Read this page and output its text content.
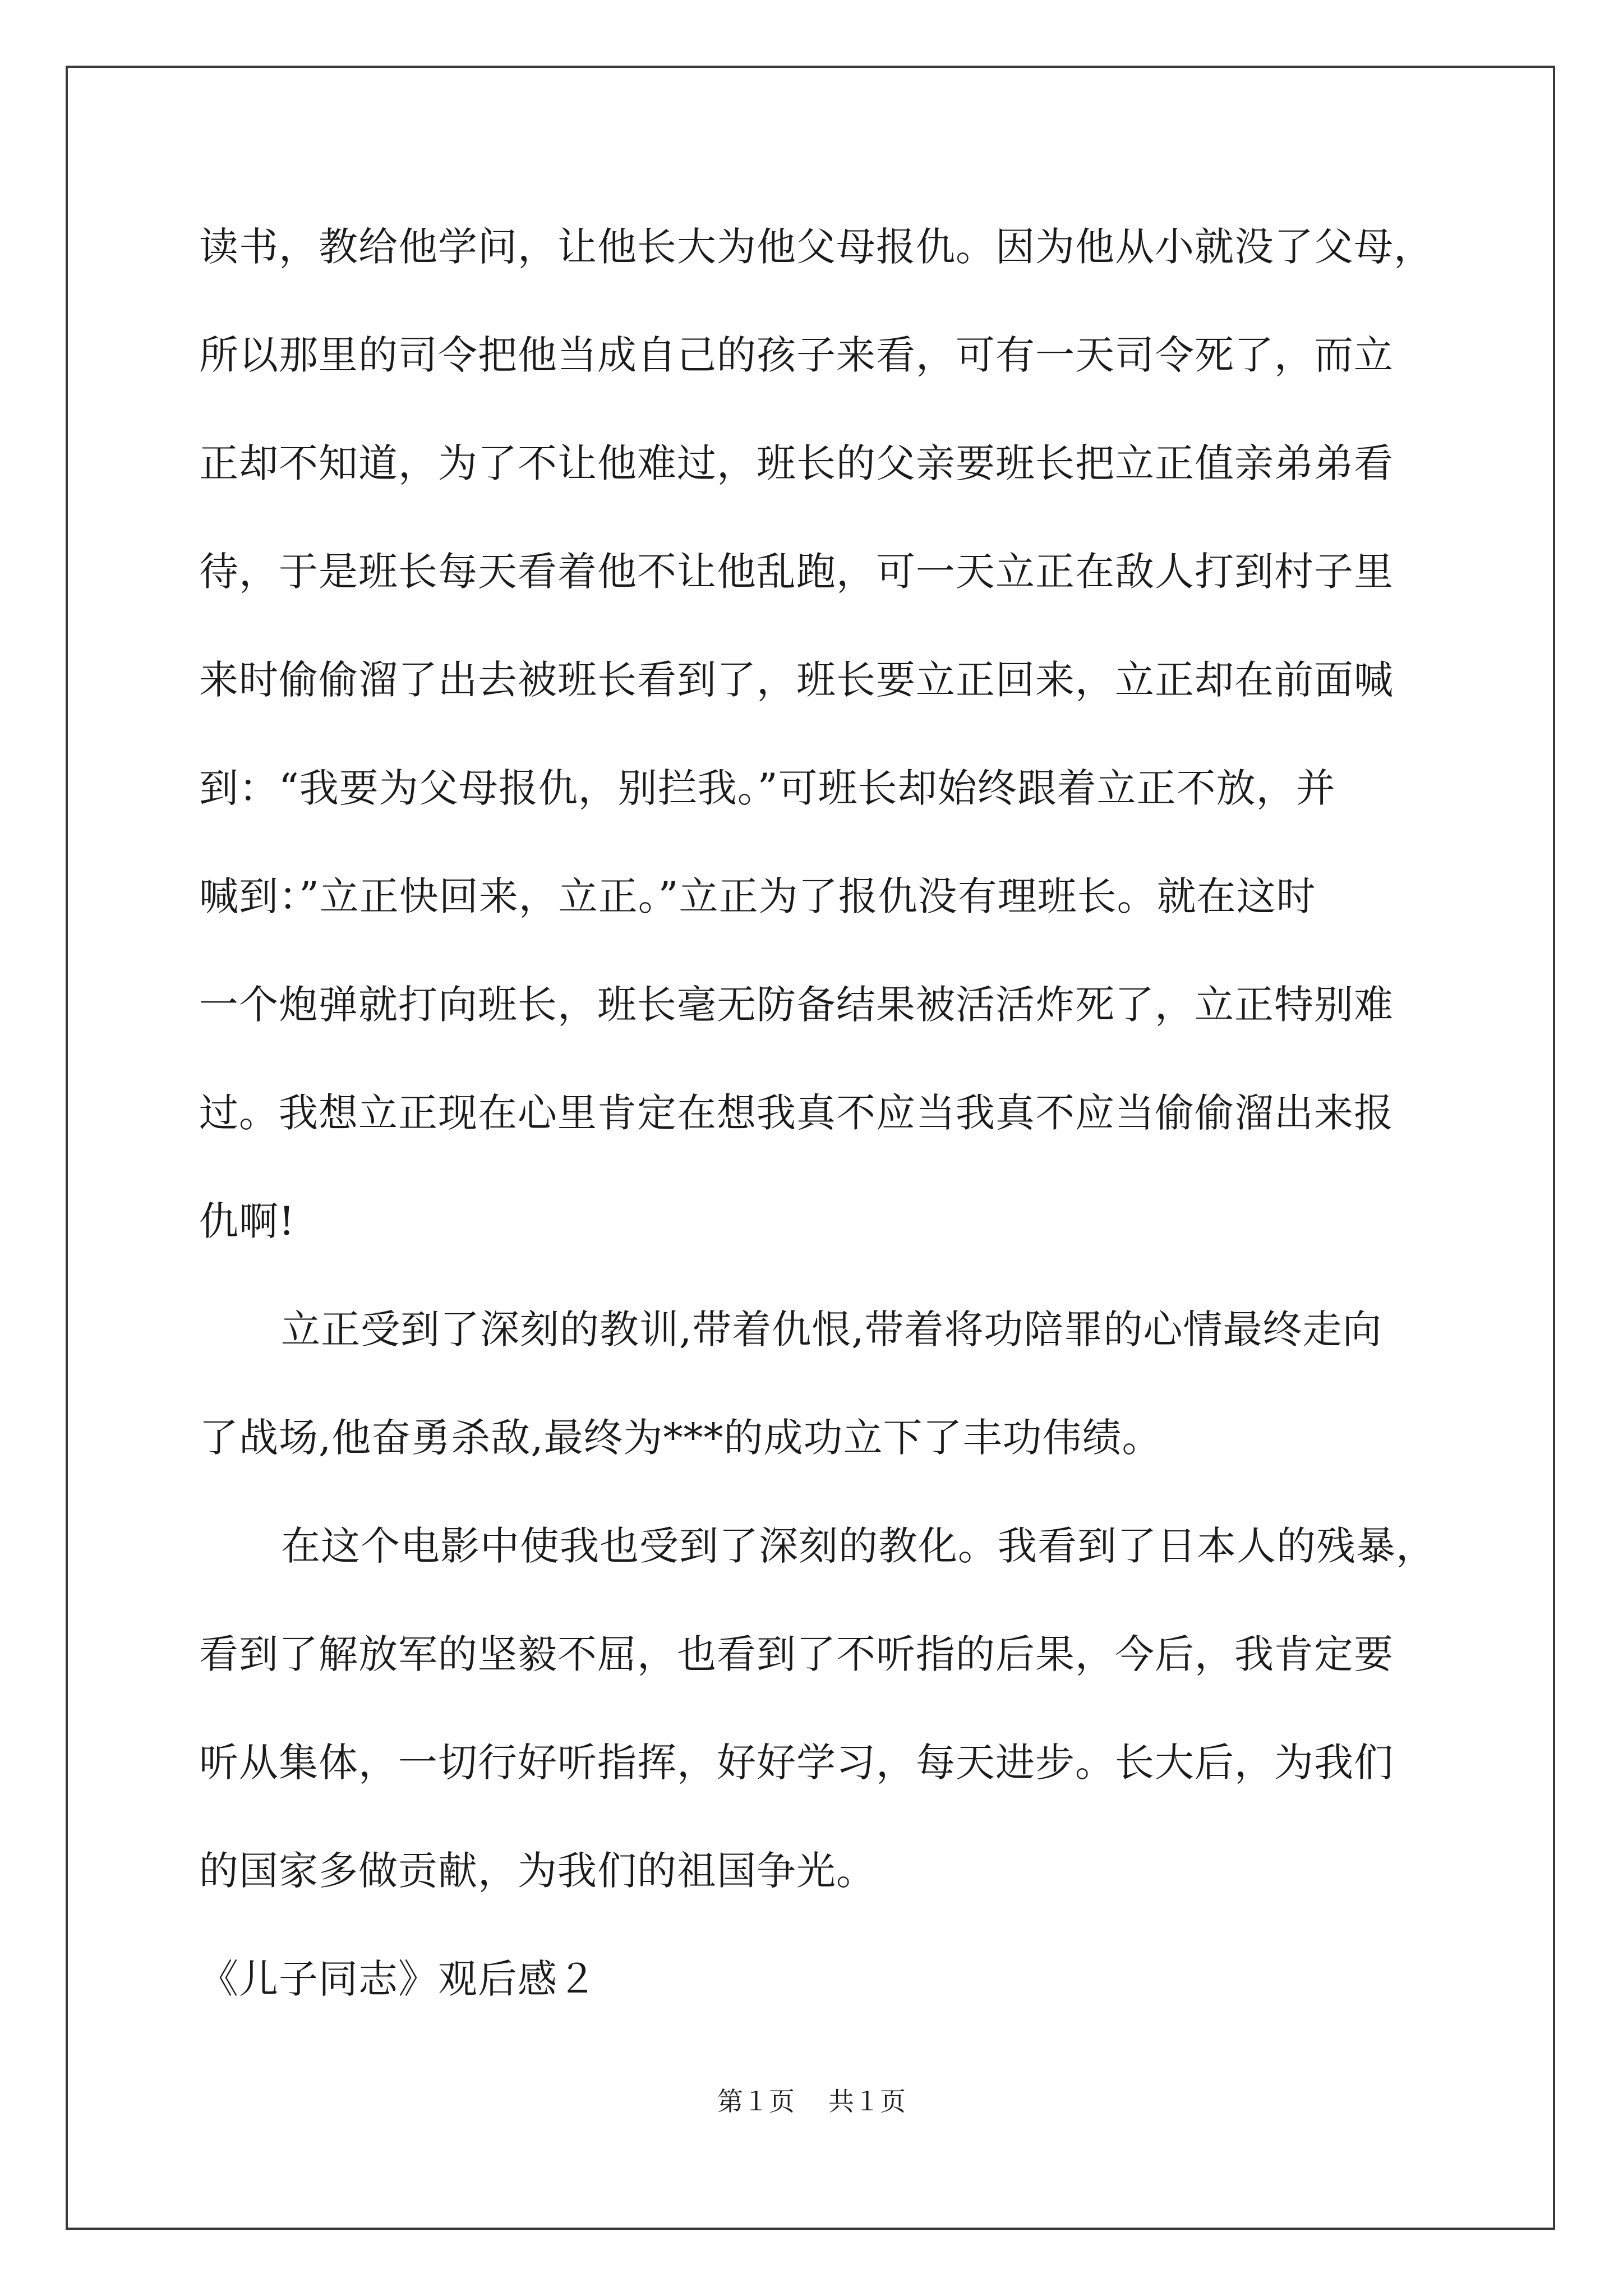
读书，教给他学问，让他长大为他父母报仇。因为他从小就没了父母，
所以那里的司令把他当成自己的孩子来看，可有一天司令死了，而立
正却不知道，为了不让他难过，班长的父亲要班长把立正值亲弟弟看
待，于是班长每天看着他不让他乱跑，可一天立正在敌人打到村子里
来时偷偷溜了出去被班长看到了，班长要立正回来，立正却在前面喊
到：“我要为父母报仇，别拦我。”可班长却始终跟着立正不放，并
喊到：”立正快回来，立正。”立正为了报仇没有理班长。就在这时
一个炮弹就打向班长，班长毫无防备结果被活活炸死了，立正特别难
过。我想立正现在心里肯定在想我真不应当我真不应当偷偷溜出来报
仇啊!
立正受到了深刻的教训,带着仇恨,带着将功陪罪的心情最终走向
了战场,他奋勇杀敌,最终为***的成功立下了丰功伟绩。
在这个电影中使我也受到了深刻的教化。我看到了日本人的残暴，
看到了解放军的坚毅不屈，也看到了不听指的后果，今后，我肯定要
听从集体，一切行好听指挥，好好学习，每天进步。长大后，为我们
的国家多做贡献，为我们的祖国争光。
《儿子同志》观后感２
第１页 共１页
